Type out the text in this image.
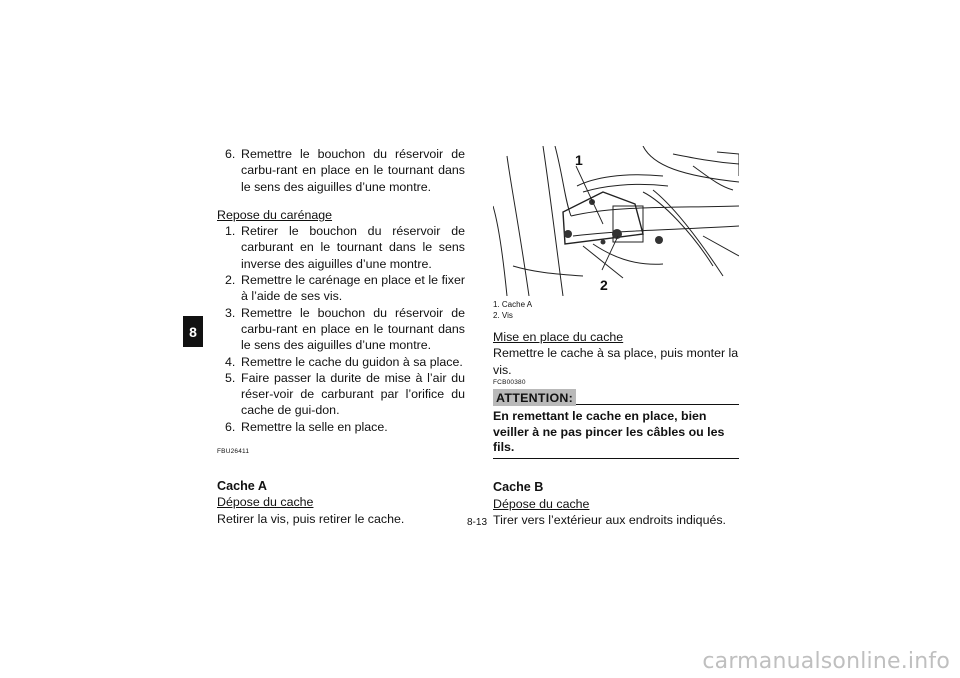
8
6. Remettre le bouchon du réservoir de carbu-rant en place en le tournant dans le sens des aiguilles d’une montre.
Repose du carénage
1. Retirer le bouchon du réservoir de carburant en le tournant dans le sens inverse des aiguilles d’une montre.
2. Remettre le carénage en place et le fixer à l’aide de ses vis.
3. Remettre le bouchon du réservoir de carbu-rant en place en le tournant dans le sens des aiguilles d’une montre.
4. Remettre le cache du guidon à sa place.
5. Faire passer la durite de mise à l’air du réser-voir de carburant par l’orifice du cache de gui-don.
6. Remettre la selle en place.
FBU26411
Cache A
Dépose du cache
Retirer la vis, puis retirer le cache.
1
2
1. Cache A
2. Vis
Mise en place du cache
Remettre le cache à sa place, puis monter la vis.
FCB00380
ATTENTION:
En remettant le cache en place, bien veiller à ne pas pincer les câbles ou les fils.
Cache B
Dépose du cache
Tirer vers l’extérieur aux endroits indiqués.
8-13
carmanualsonline.info
